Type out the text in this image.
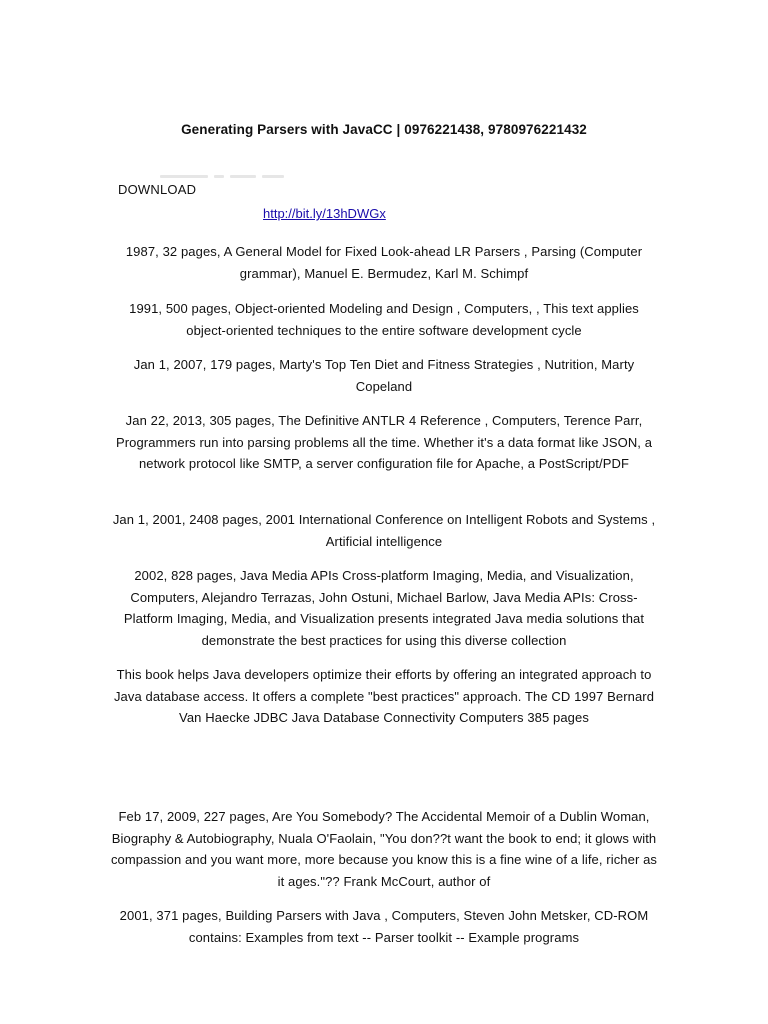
Generating Parsers with JavaCC | 0976221438, 9780976221432
DOWNLOAD
http://bit.ly/13hDWGx
1987, 32 pages, A General Model for Fixed Look-ahead LR Parsers , Parsing (Computer grammar), Manuel E. Bermudez, Karl M. Schimpf
1991, 500 pages, Object-oriented Modeling and Design , Computers, , This text applies object-oriented techniques to the entire software development cycle
Jan 1, 2007, 179 pages, Marty's Top Ten Diet and Fitness Strategies , Nutrition, Marty Copeland
Jan 22, 2013, 305 pages, The Definitive ANTLR 4 Reference , Computers, Terence Parr, Programmers run into parsing problems all the time. Whether it's a data format like JSON, a network protocol like SMTP, a server configuration file for Apache, a PostScript/PDF
Jan 1, 2001, 2408 pages, 2001 International Conference on Intelligent Robots and Systems , Artificial intelligence
2002, 828 pages, Java Media APIs Cross-platform Imaging, Media, and Visualization, Computers, Alejandro Terrazas, John Ostuni, Michael Barlow, Java Media APIs: Cross-Platform Imaging, Media, and Visualization presents integrated Java media solutions that demonstrate the best practices for using this diverse collection
This book helps Java developers optimize their efforts by offering an integrated approach to Java database access. It offers a complete "best practices" approach. The CD 1997 Bernard Van Haecke JDBC Java Database Connectivity Computers 385 pages
Feb 17, 2009, 227 pages, Are You Somebody? The Accidental Memoir of a Dublin Woman, Biography & Autobiography, Nuala O'Faolain, "You don??t want the book to end; it glows with compassion and you want more, more because you know this is a fine wine of a life, richer as it ages."?? Frank McCourt, author of
2001, 371 pages, Building Parsers with Java , Computers, Steven John Metsker, CD-ROM contains: Examples from text -- Parser toolkit -- Example programs
